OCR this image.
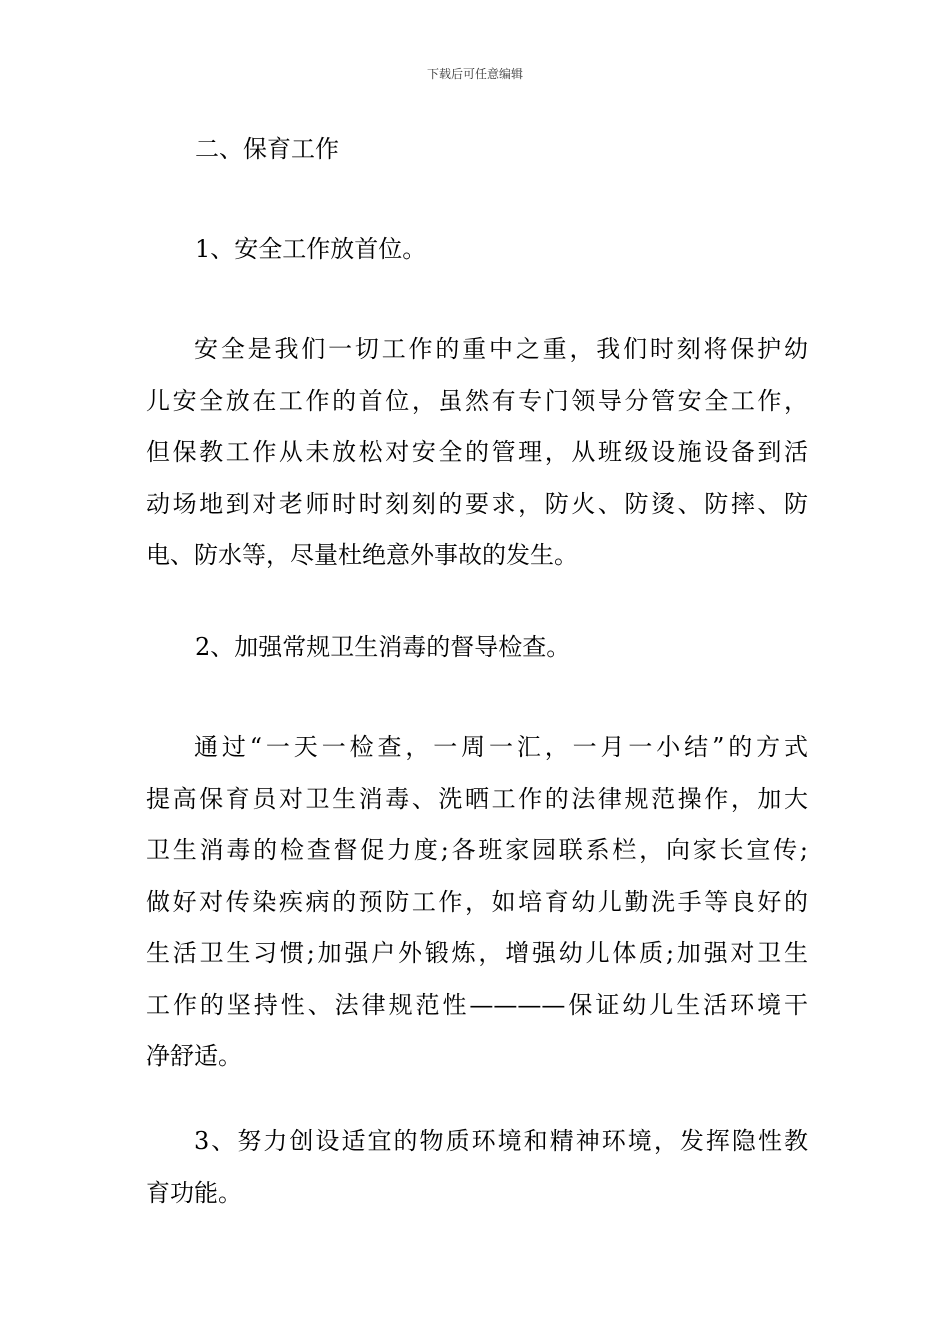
下载后可任意编辑
二、保育工作
1、安全工作放首位。
安全是我们一切工作的重中之重，我们时刻将保护幼
儿安全放在工作的首位，虽然有专门领导分管安全工作，
但保教工作从未放松对安全的管理，从班级设施设备到活
动场地到对老师时时刻刻的要求，防火、防烫、防摔、防
电、防水等，尽量杜绝意外事故的发生。
2、加强常规卫生消毒的督导检查。
通过“一天一检查，一周一汇，一月一小结”的方式
提高保育员对卫生消毒、洗晒工作的法律规范操作，加大
卫生消毒的检查督促力度;各班家园联系栏，向家长宣传;
做好对传染疾病的预防工作，如培育幼儿勤洗手等良好的
生活卫生习惯;加强户外锻炼，增强幼儿体质;加强对卫生
工作的坚持性、法律规范性————保证幼儿生活环境干
净舒适。
3、努力创设适宜的物质环境和精神环境，发挥隐性教
育功能。
